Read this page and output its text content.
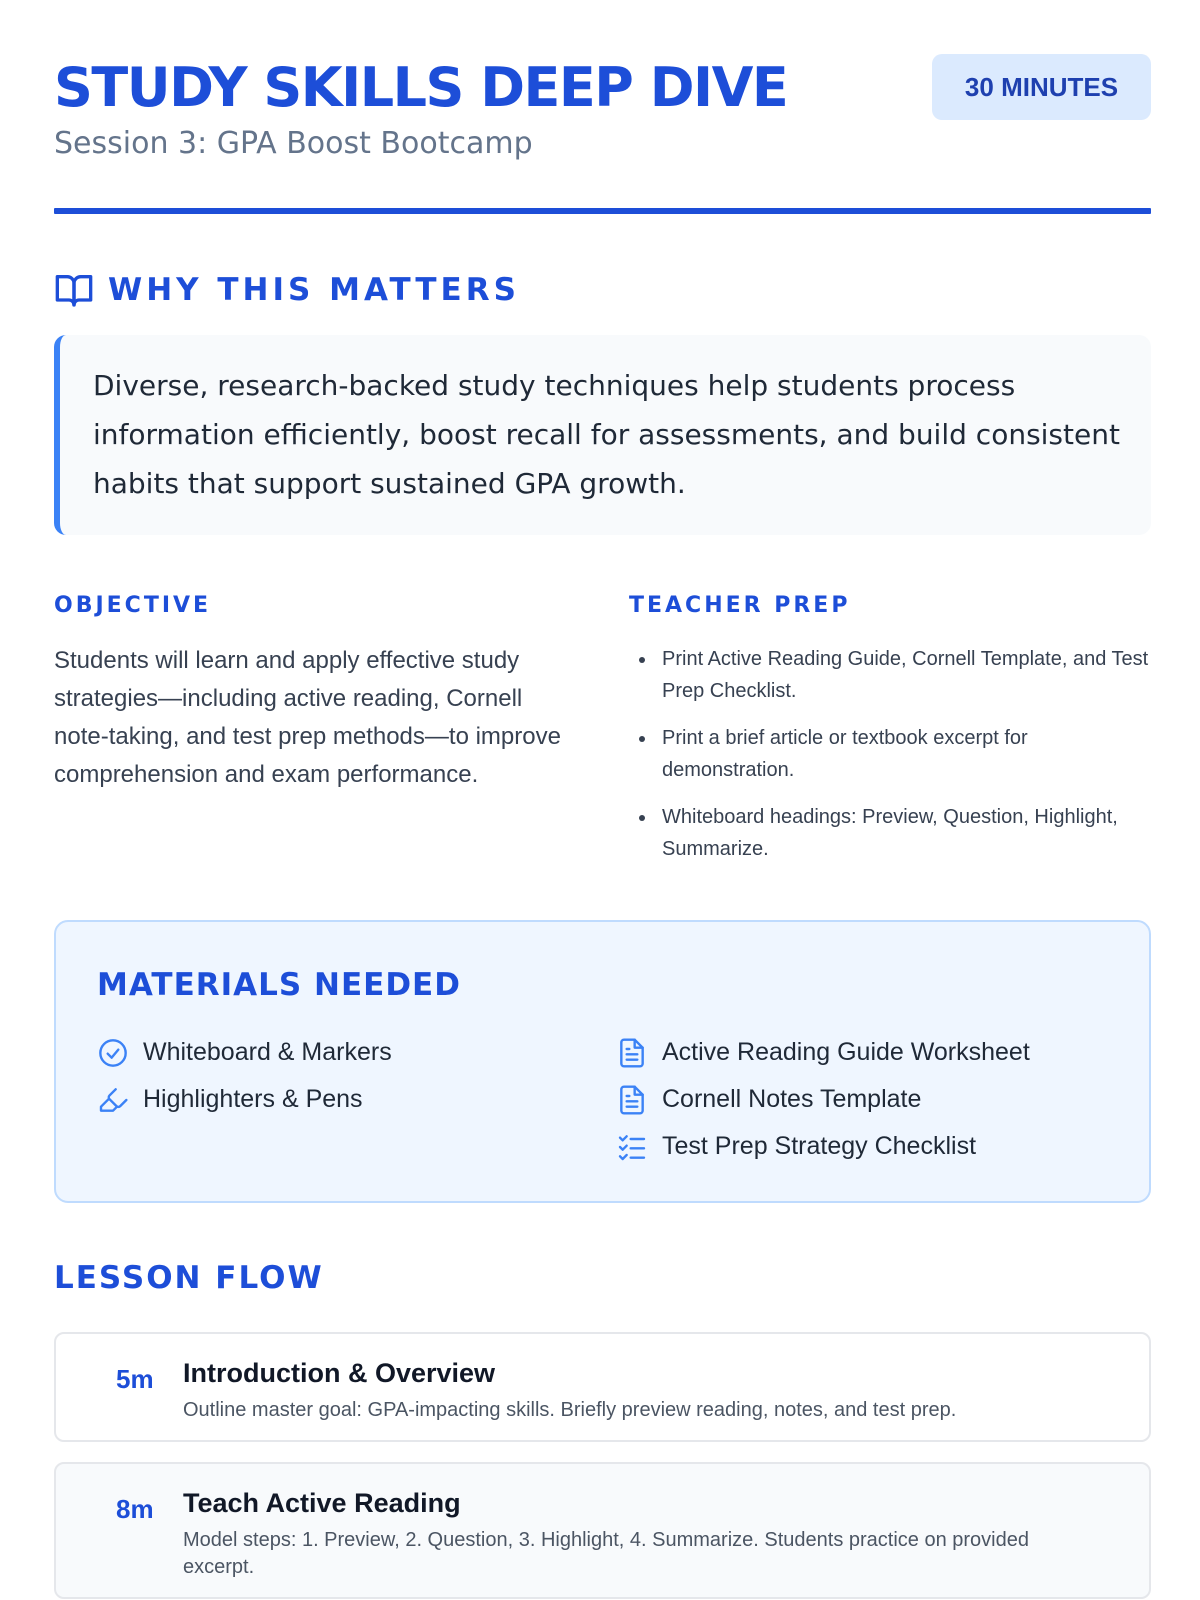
STUDY SKILLS DEEP DIVE
Session 3: GPA Boost Bootcamp
30 MINUTES
WHY THIS MATTERS
Diverse, research-backed study techniques help students process information efficiently, boost recall for assessments, and build consistent habits that support sustained GPA growth.
OBJECTIVE
Students will learn and apply effective study strategies—including active reading, Cornell note-taking, and test prep methods—to improve comprehension and exam performance.
TEACHER PREP
Print Active Reading Guide, Cornell Template, and Test Prep Checklist.
Print a brief article or textbook excerpt for demonstration.
Whiteboard headings: Preview, Question, Highlight, Summarize.
MATERIALS NEEDED
Whiteboard & Markers
Highlighters & Pens
Active Reading Guide Worksheet
Cornell Notes Template
Test Prep Strategy Checklist
LESSON FLOW
5m Introduction & Overview
Outline master goal: GPA-impacting skills. Briefly preview reading, notes, and test prep.
8m Teach Active Reading
Model steps: 1. Preview, 2. Question, 3. Highlight, 4. Summarize. Students practice on provided excerpt.
